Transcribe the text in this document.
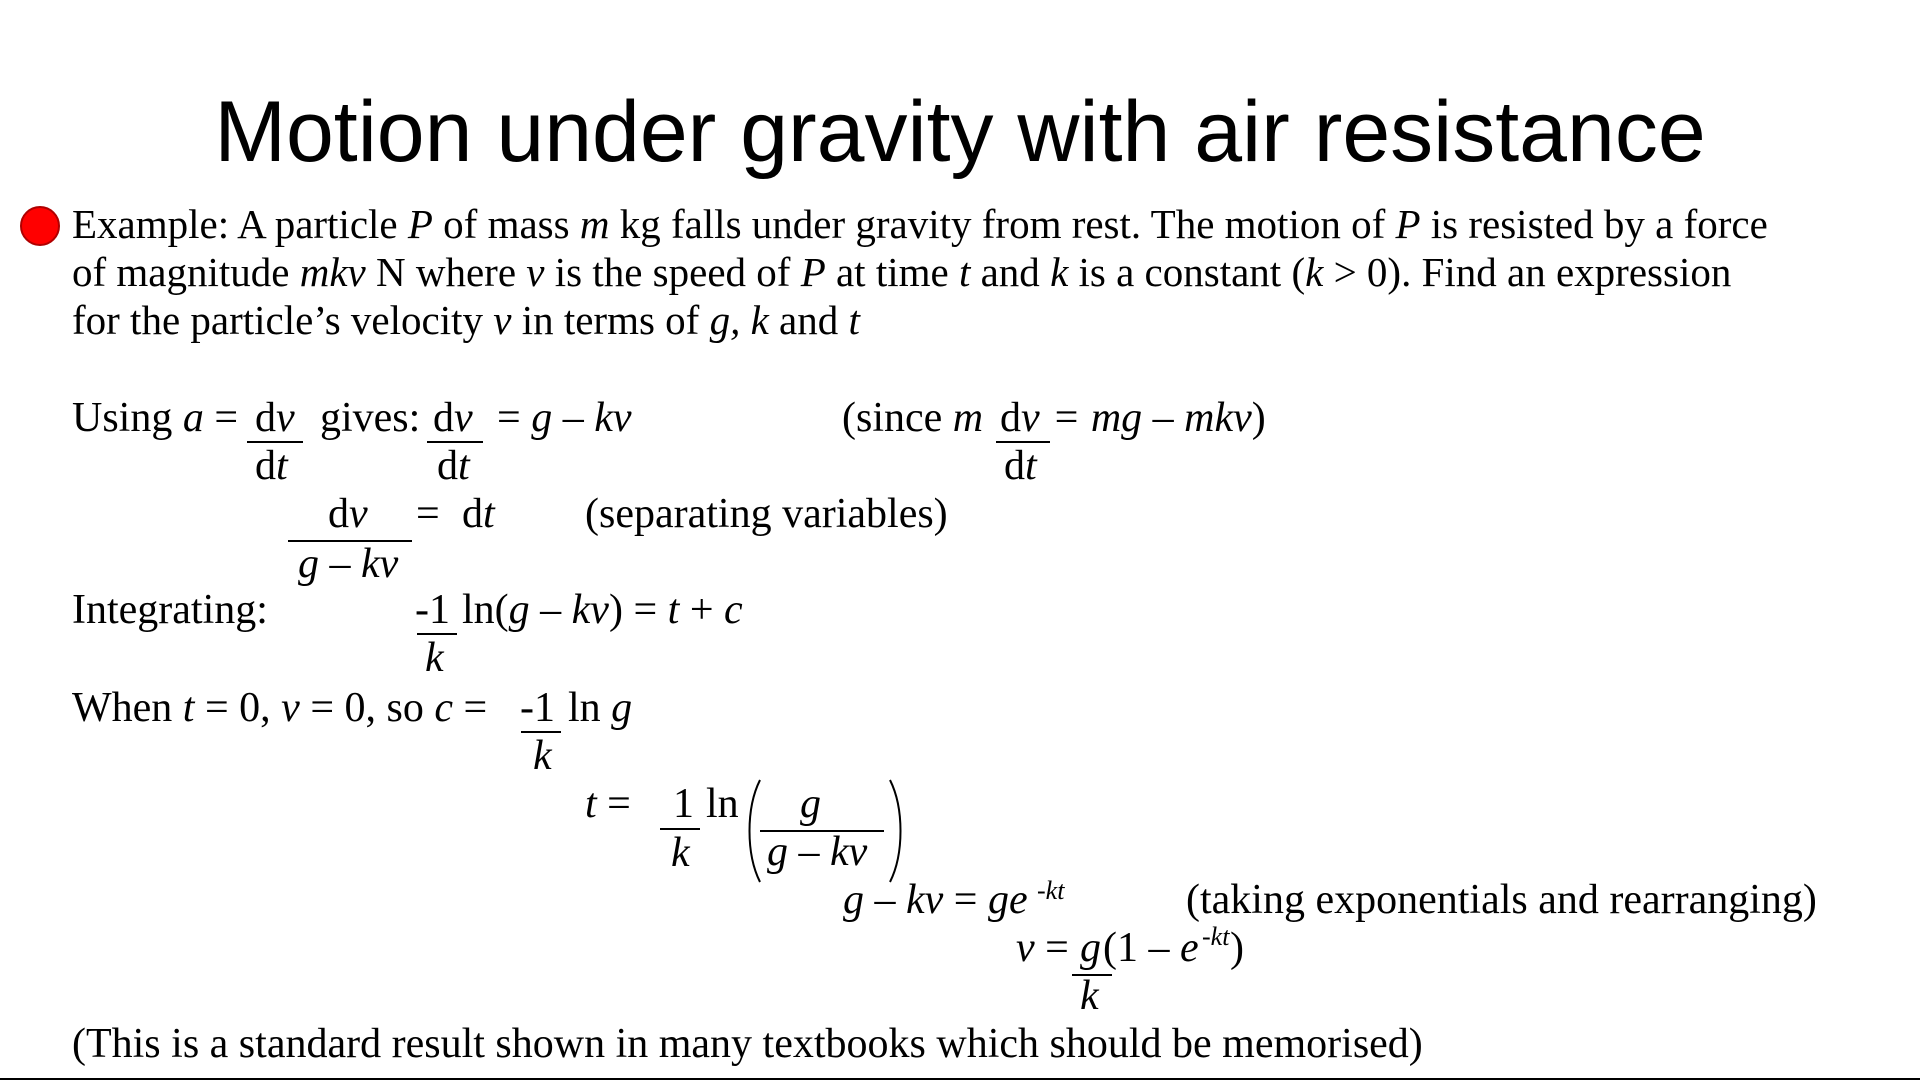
Motion under gravity with air resistance
Example: A particle P of mass m kg falls under gravity from rest. The motion of P is resisted by a force
of magnitude mkv N where v is the speed of P at time t and k is a constant (k > 0). Find an expression
for the particle’s velocity v in terms of g, k and t
Using a = dv
dt
gives: dv
dt
= g – kv	(since m dv
dt
= mg – mkv)
dv
g – kv
= dt (separating variables)
Integrating:	-1
k
ln(g – kv) = t + c
When t = 0, v = 0, so c = -1
k
ln g
t = 1
k
ln g
g – kv
g – kv = ge -kt	(taking exponentials and rearranging)
v = g
k
(1 – e -kt )
(This is a standard result shown in many textbooks which should be memorised)
